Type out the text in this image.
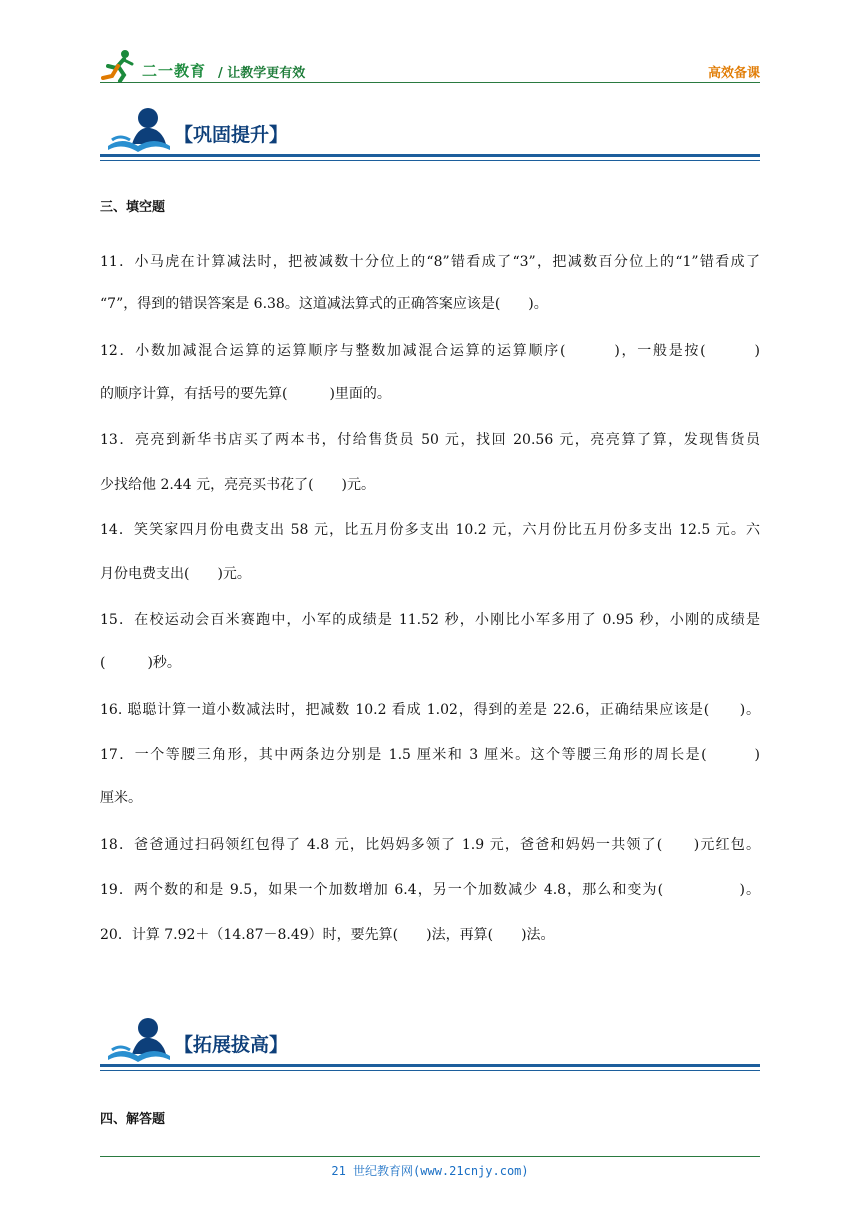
二一教育 / 让教学更有效	高效备课
【巩固提升】
三、填空题
11．小马虎在计算减法时，把被减数十分位上的“8”错看成了“3”，把减数百分位上的“1”错看成了
“7”，得到的错误答案是 6.38。这道减法算式的正确答案应该是(　　)。
12．小数加减混合运算的运算顺序与整数加减混合运算的运算顺序(　　　)，一般是按(　　　)
的顺序计算，有括号的要先算(　　　)里面的。
13．亮亮到新华书店买了两本书，付给售货员 50 元，找回 20.56 元，亮亮算了算，发现售货员
少找给他 2.44 元，亮亮买书花了(　　)元。
14．笑笑家四月份电费支出 58 元，比五月份多支出 10.2 元，六月份比五月份多支出 12.5 元。六
月份电费支出(　　)元。
15．在校运动会百米赛跑中，小军的成绩是 11.52 秒，小刚比小军多用了 0.95 秒，小刚的成绩是
(　　　)秒。
16. 聪聪计算一道小数减法时，把减数 10.2 看成 1.02，得到的差是 22.6，正确结果应该是(　　)。
17．一个等腰三角形，其中两条边分别是 1.5 厘米和 3 厘米。这个等腰三角形的周长是(　　　)
厘米。
18．爸爸通过扫码领红包得了 4.8 元，比妈妈多领了 1.9 元，爸爸和妈妈一共领了(　　)元红包。
19．两个数的和是 9.5，如果一个加数增加 6.4，另一个加数减少 4.8，那么和变为(　　　　　)。
20．计算 7.92＋（14.87－8.49）时，要先算(　　)法，再算(　　)法。
【拓展拔高】
四、解答题
21 世纪教育网(www.21cnjy.com)
